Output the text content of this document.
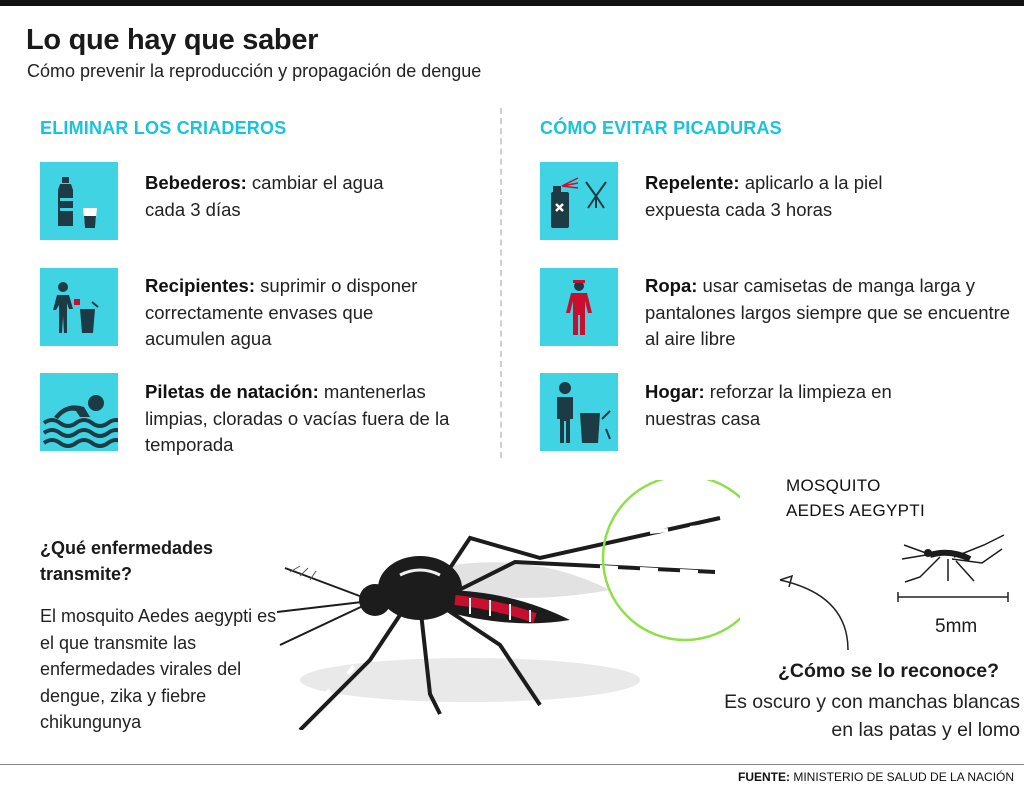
Lo que hay que saber
Cómo prevenir la reproducción y propagación de dengue
ELIMINAR LOS CRIADEROS
Bebederos: cambiar el agua cada 3 días
Recipientes: suprimir o disponer correctamente envases que acumulen agua
Piletas de natación: mantenerlas limpias, cloradas o vacías fuera de la temporada
CÓMO EVITAR PICADURAS
Repelente: aplicarlo a la piel expuesta cada 3 horas
Ropa: usar camisetas de manga larga y pantalones largos siempre que se encuentre al aire libre
Hogar: reforzar la limpieza en nuestras casa
¿Qué enfermedades transmite?
El mosquito Aedes aegypti es el que transmite las enfermedades virales del dengue, zika y fiebre chikungunya
MOSQUITO AEDES AEGYPTI
5mm
¿Cómo se lo reconoce?
Es oscuro y con manchas blancas en las patas y el lomo
FUENTE: MINISTERIO DE SALUD DE LA NACIÓN
